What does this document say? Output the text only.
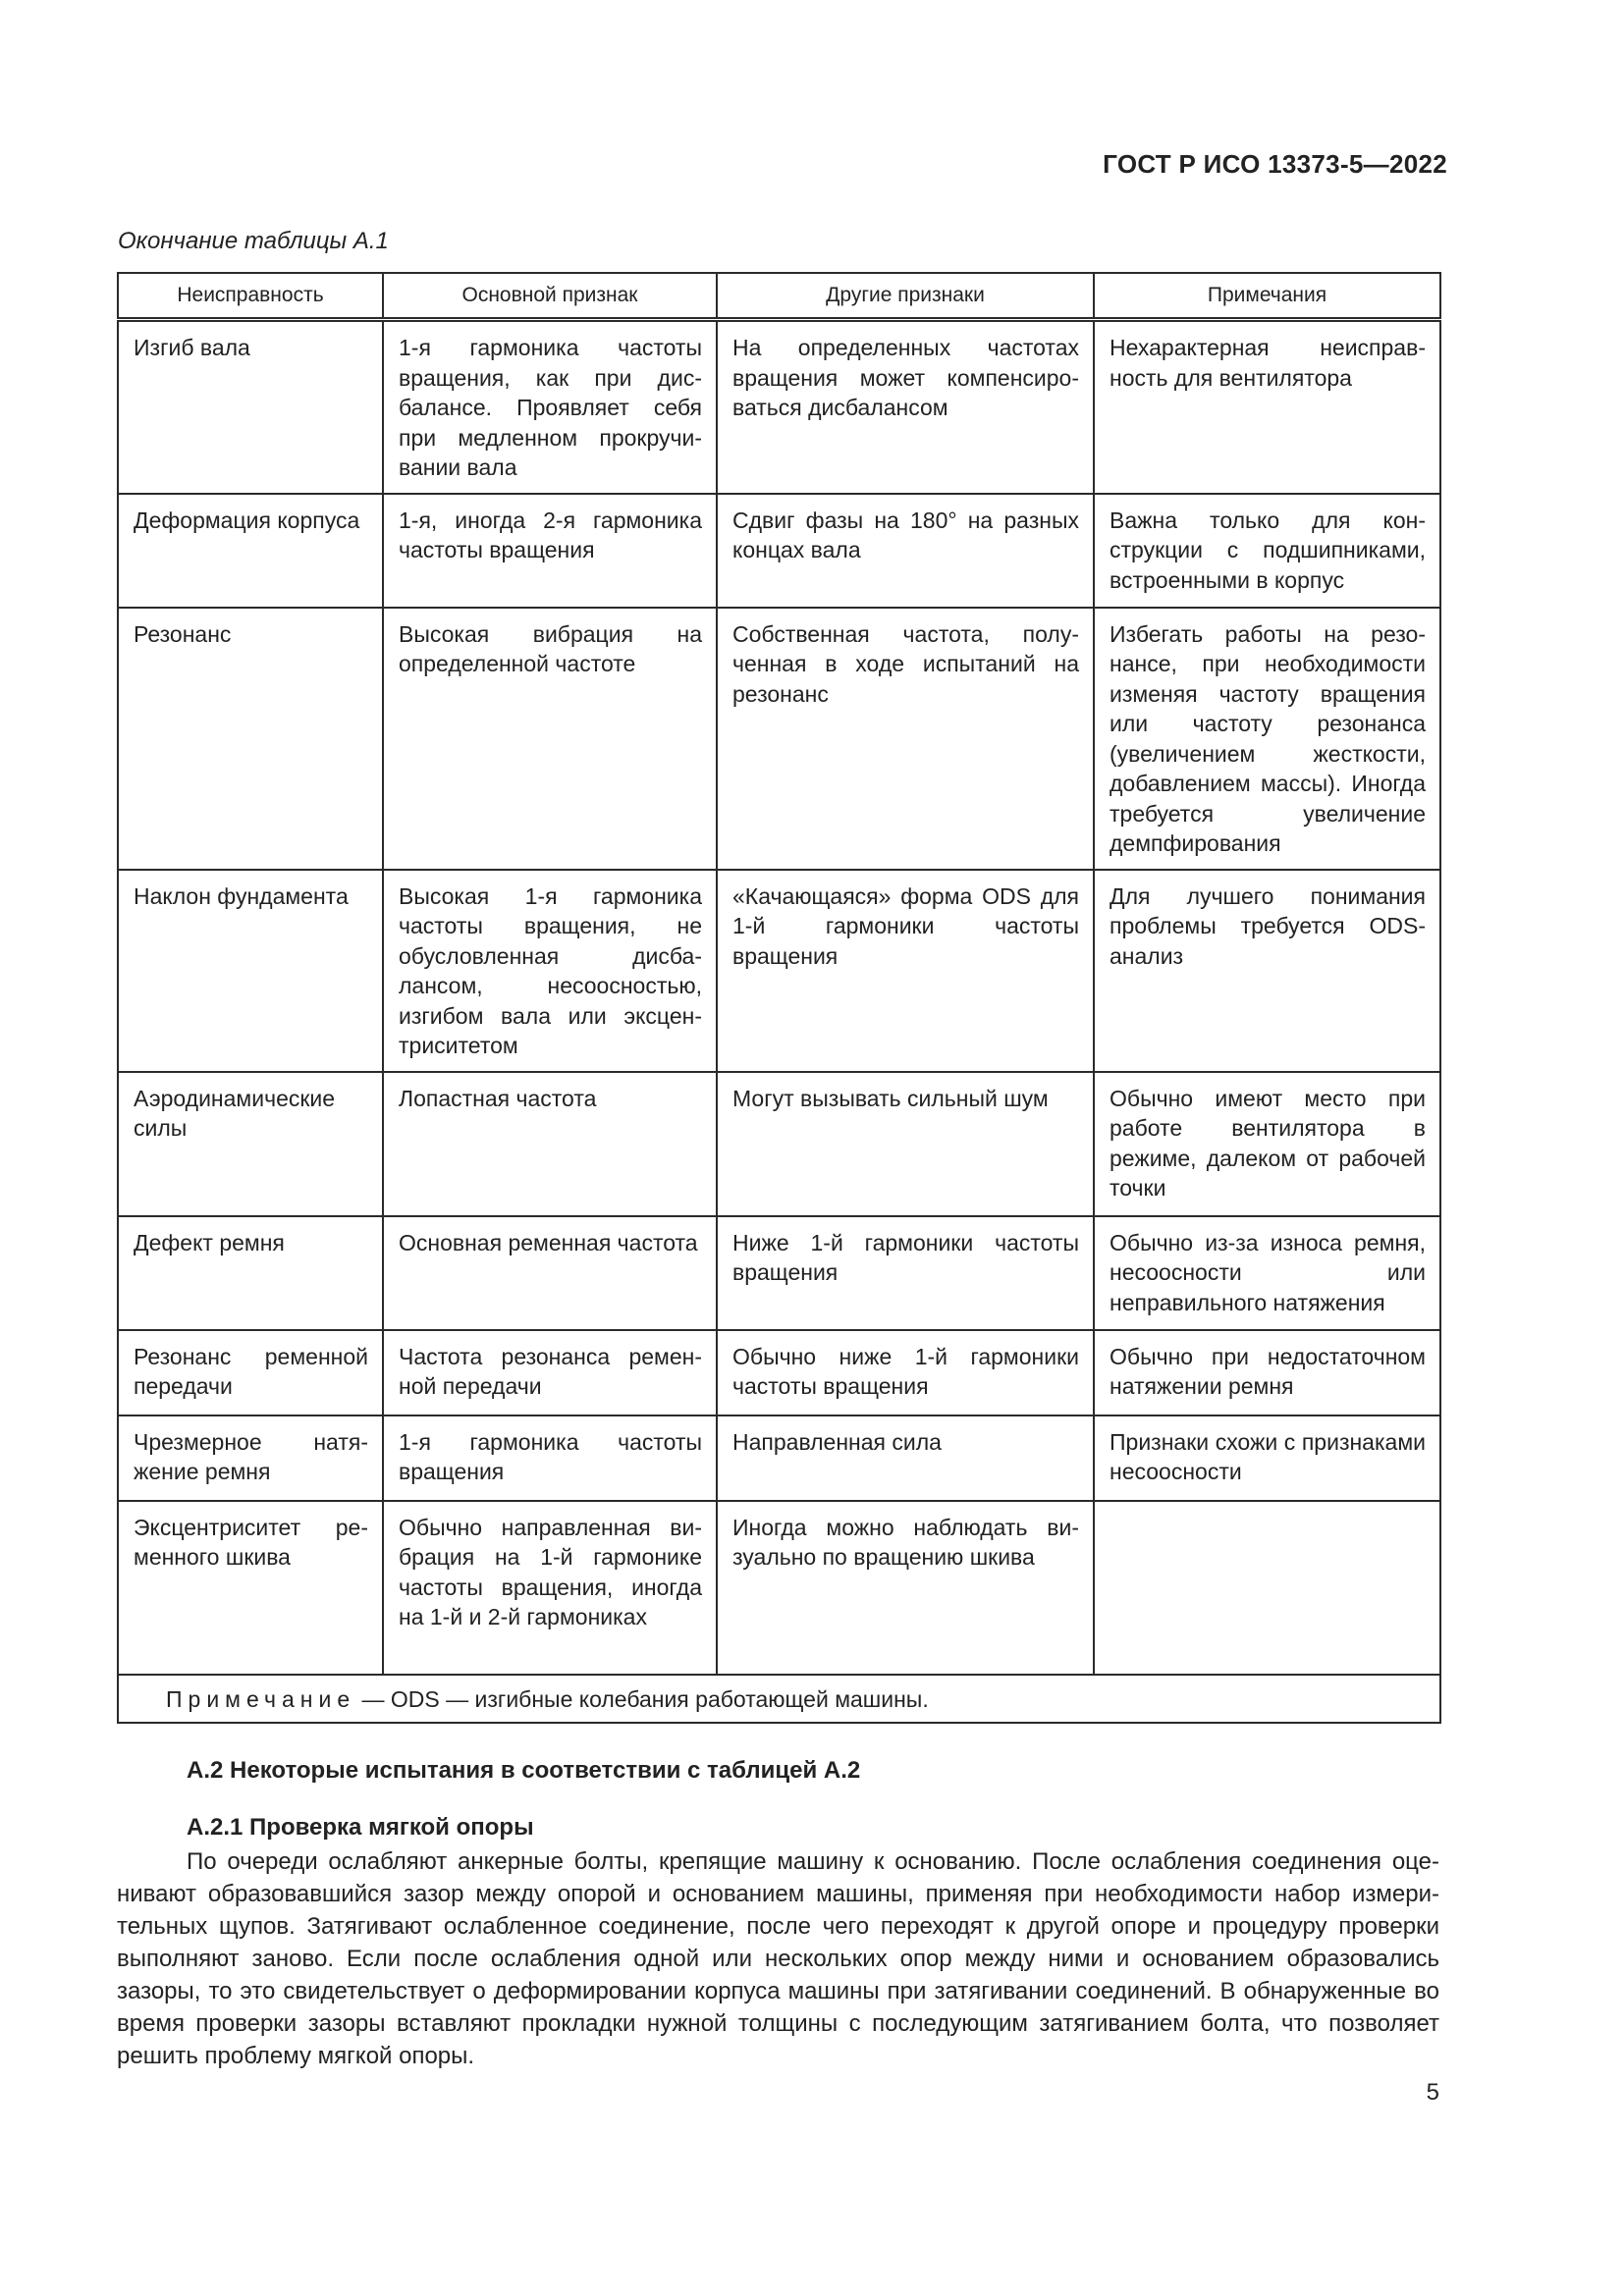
ГОСТ Р ИСО 13373-5—2022
Окончание таблицы А.1
Неисправность	Основной признак	Другие признаки	Примечания
Изгиб вала	1-я гармоника частоты вращения, как при дисбалансе. Проявляет себя при медленном прокручивании вала	На определенных частотах вращения может компенсироваться дисбалансом	Нехарактерная неисправность для вентилятора
Деформация корпуса	1-я, иногда 2-я гармоника частоты вращения	Сдвиг фазы на 180° на разных концах вала	Важна только для конструкции с подшипниками, встроенными в корпус
Резонанс	Высокая вибрация на определенной частоте	Собственная частота, полученная в ходе испытаний на резонанс	Избегать работы на резонансе, при необходимости изменяя частоту вращения или частоту резонанса (увеличением жесткости, добавлением массы). Иногда требуется увеличение демпфирования
Наклон фундамента	Высокая 1-я гармоника частоты вращения, не обусловленная дисбалансом, несоосностью, изгибом вала или эксцентриситетом	«Качающаяся» форма ODS для 1-й гармоники частоты вращения	Для лучшего понимания проблемы требуется ODS-анализ
Аэродинамические силы	Лопастная частота	Могут вызывать сильный шум	Обычно имеют место при работе вентилятора в режиме, далеком от рабочей точки
Дефект ремня	Основная ременная частота	Ниже 1-й гармоники частоты вращения	Обычно из-за износа ремня, несоосности или неправильного натяжения
Резонанс ременной передачи	Частота резонанса ременной передачи	Обычно ниже 1-й гармоники частоты вращения	Обычно при недостаточном натяжении ремня
Чрезмерное натяжение ремня	1-я гармоника частоты вращения	Направленная сила	Признаки схожи с признаками несоосности
Эксцентриситет ременного шкива	Обычно направленная вибрация на 1-й гармонике частоты вращения, иногда на 1-й и 2-й гармониках	Иногда можно наблюдать визуально по вращению шкива	
Примечание — ODS — изгибные колебания работающей машины.			
А.2 Некоторые испытания в соответствии с таблицей А.2
А.2.1 Проверка мягкой опоры

По очереди ослабляют анкерные болты, крепящие машину к основанию. После ослабления соединения оценивают образовавшийся зазор между опорой и основанием машины, применяя при необходимости набор измерительных щупов. Затягивают ослабленное соединение, после чего переходят к другой опоре и процедуру проверки выполняют заново. Если после ослабления одной или нескольких опор между ними и основанием образовались зазоры, то это свидетельствует о деформировании корпуса машины при затягивании соединений. В обнаруженные во время проверки зазоры вставляют прокладки нужной толщины с последующим затягиванием болта, что позволяет решить проблему мягкой опоры.

5
